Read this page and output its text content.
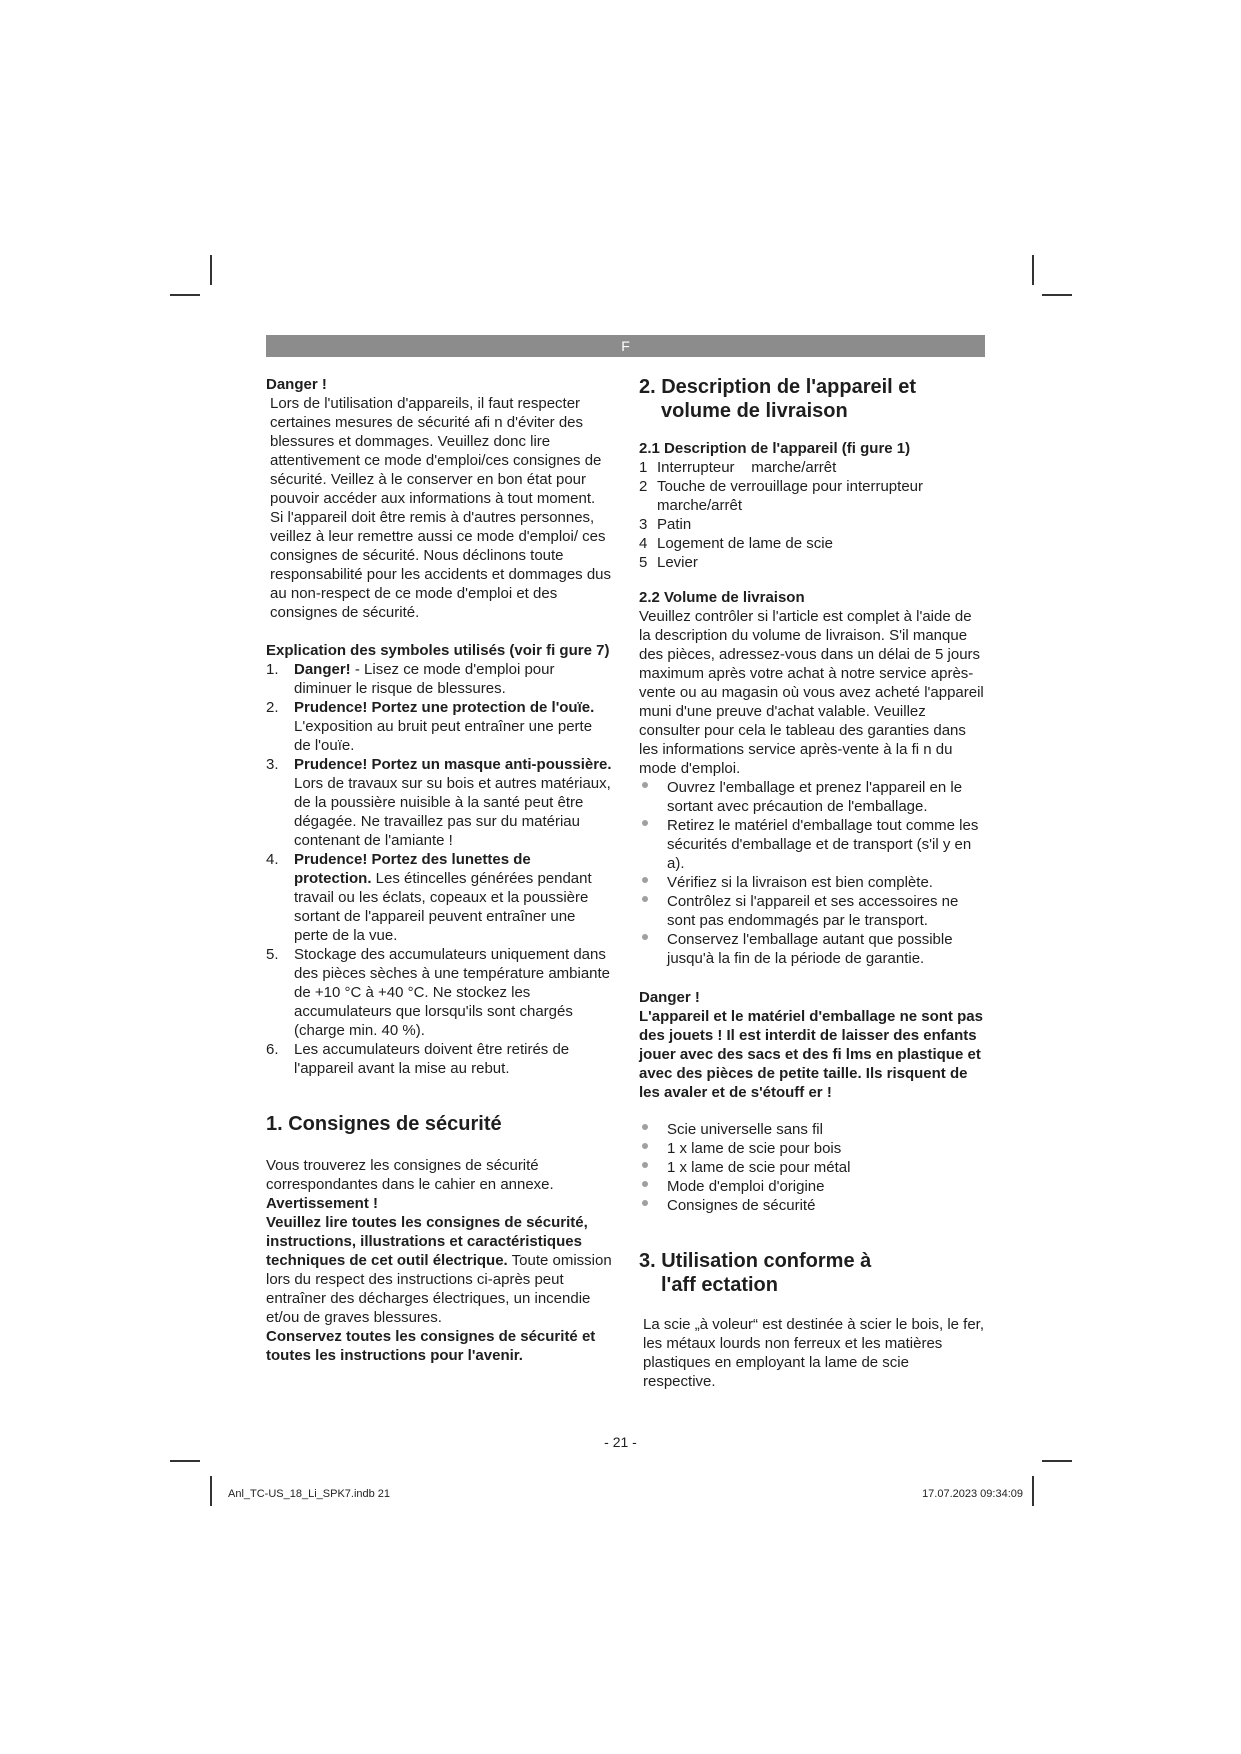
F

Danger !

Lors de l'utilisation d'appareils, il faut respecter certaines mesures de sécurité afi n d'éviter des blessures et dommages. Veuillez donc lire attentivement ce mode d'emploi/ces consignes de sécurité. Veillez à le conserver en bon état pour pouvoir accéder aux informations à tout moment. Si l'appareil doit être remis à d'autres personnes, veillez à leur remettre aussi ce mode d'emploi/ ces consignes de sécurité. Nous déclinons toute responsabilité pour les accidents et dommages dus au non-respect de ce mode d'emploi et des consignes de sécurité.

Explication des symboles utilisés (voir fi gure 7)

1. Danger! - Lisez ce mode d'emploi pour diminuer le risque de blessures.
2. Prudence! Portez une protection de l'ouïe. L'exposition au bruit peut entraîner une perte de l'ouïe.
3. Prudence! Portez un masque anti-poussière. Lors de travaux sur su bois et autres matériaux, de la poussière nuisible à la santé peut être dégagée. Ne travaillez pas sur du matériau contenant de l'amiante !
4. Prudence! Portez des lunettes de protection. Les étincelles générées pendant travail ou les éclats, copeaux et la poussière sortant de l'appareil peuvent entraîner une perte de la vue.
5. Stockage des accumulateurs uniquement dans des pièces sèches à une température ambiante de +10 °C à +40 °C. Ne stockez les accumulateurs que lorsqu'ils sont chargés (charge min. 40 %).
6. Les accumulateurs doivent être retirés de l'appareil avant la mise au rebut.

1. Consignes de sécurité

Vous trouverez les consignes de sécurité correspondantes dans le cahier en annexe.

Avertissement !

Veuillez lire toutes les consignes de sécurité, instructions, illustrations et caractéristiques techniques de cet outil électrique. Toute omission lors du respect des instructions ci-après peut entraîner des décharges électriques, un incendie et/ou de graves blessures.

Conservez toutes les consignes de sécurité et toutes les instructions pour l'avenir.

2. Description de l'appareil et
volume de livraison

2.1 Description de l'appareil (fi gure 1)

1 Interrupteur    marche/arrêt
2 Touche de verrouillage pour interrupteur marche/arrêt
3 Patin
4 Logement de lame de scie
5 Levier

2.2 Volume de livraison

Veuillez contrôler si l'article est complet à l'aide de la description du volume de livraison. S'il manque des pièces, adressez-vous dans un délai de 5 jours maximum après votre achat à notre service après-vente ou au magasin où vous avez acheté l'appareil muni d'une preuve d'achat valable. Veuillez consulter pour cela le tableau des garanties dans les informations service après-vente à la fi n du mode d'emploi.

Ouvrez l'emballage et prenez l'appareil en le sortant avec précaution de l'emballage.
Retirez le matériel d'emballage tout comme les sécurités d'emballage et de transport (s'il y en a).
Vérifiez si la livraison est bien complète.
Contrôlez si l'appareil et ses accessoires ne sont pas endommagés par le transport.
Conservez l'emballage autant que possible jusqu'à la fin de la période de garantie.

Danger !

L'appareil et le matériel d'emballage ne sont pas des jouets ! Il est interdit de laisser des enfants jouer avec des sacs et des fi lms en plastique et avec des pièces de petite taille. Ils risquent de les avaler et de s'étouff er !

Scie universelle sans fil
1 x lame de scie pour bois
1 x lame de scie pour métal
Mode d'emploi d'origine
Consignes de sécurité

3. Utilisation conforme à
l'aff ectation

La scie „à voleur“ est destinée à scier le bois, le fer, les métaux lourds non ferreux et les matières plastiques en employant la lame de scie respective.

- 21 -
Anl_TC-US_18_Li_SPK7.indb 21	17.07.2023 09:34:09
